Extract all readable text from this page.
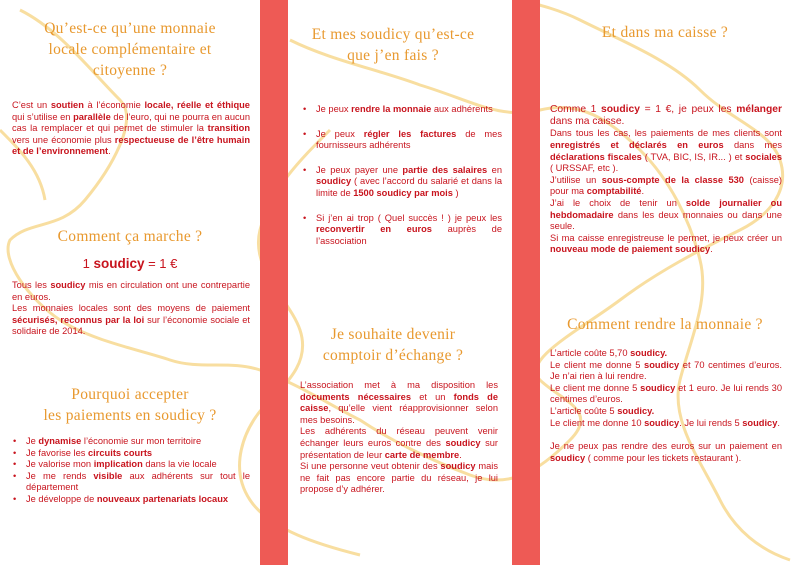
Qu’est-ce qu’une monnaie
locale complémentaire et
citoyenne ?
C’est un soutien à l’économie locale, réelle et éthique qui s’utilise en parallèle de l’euro, qui ne pourra en aucun cas la remplacer et qui permet de stimuler la transition vers une économie plus respectueuse de l’être humain et de l’environnement.
Comment ça marche ?
1 soudicy = 1 €
Tous les soudicy mis en circulation ont une contrepartie en euros.
Les monnaies locales sont des moyens de paiement sécurisés, reconnus par la loi sur l’économie sociale et solidaire de 2014.
Pourquoi accepter
les paiements en soudicy ?
• Je dynamise l’économie sur mon territoire
• Je favorise les circuits courts
• Je valorise mon implication dans la vie locale
• Je me rends visible aux adhérents sur tout le département
• Je développe de nouveaux partenariats locaux
Et mes soudicy qu’est-ce
que j’en fais ?
• Je peux rendre la monnaie aux adhérents
• Je peux régler les factures de mes fournisseurs adhérents
• Je peux payer une partie des salaires en soudicy ( avec l’accord du salarié et dans la limite de 1500 soudicy par mois )
• Si j’en ai trop ( Quel succès ! ) je peux les reconvertir en euros auprès de l’association
Je souhaite devenir
comptoir d’échange ?
L’association met à ma disposition les documents nécessaires et un fonds de caisse, qu’elle vient réapprovisionner selon mes besoins.
Les adhérents du réseau peuvent venir échanger leurs euros contre des soudicy sur présentation de leur carte de membre.
Si une personne veut obtenir des soudicy mais ne fait pas encore partie du réseau, je lui propose d’y adhérer.
Et dans ma caisse ?
Comme 1 soudicy = 1 €, je peux les mélanger dans ma caisse.
Dans tous les cas, les paiements de mes clients sont enregistrés et déclarés en euros dans mes déclarations fiscales ( TVA, BIC, IS, IR... ) et sociales ( URSSAF, etc ).
J’utilise un sous-compte de la classe 530 (caisse) pour ma comptabilité.
J’ai le choix de tenir un solde journalier ou hebdomadaire dans les deux monnaies ou dans une seule.
Si ma caisse enregistreuse le permet, je peux créer un nouveau mode de paiement soudicy.
Comment rendre la monnaie ?
L’article coûte 5,70 soudicy.
Le client me donne 5 soudicy et 70 centimes d’euros. Je n’ai rien à lui rendre.
Le client me donne 5 soudicy et 1 euro. Je lui rends 30 centimes d’euros.
L’article coûte 5 soudicy.
Le client me donne 10 soudicy. Je lui rends 5 soudicy.
Je ne peux pas rendre des euros sur un paiement en soudicy ( comme pour les tickets restaurant ).
